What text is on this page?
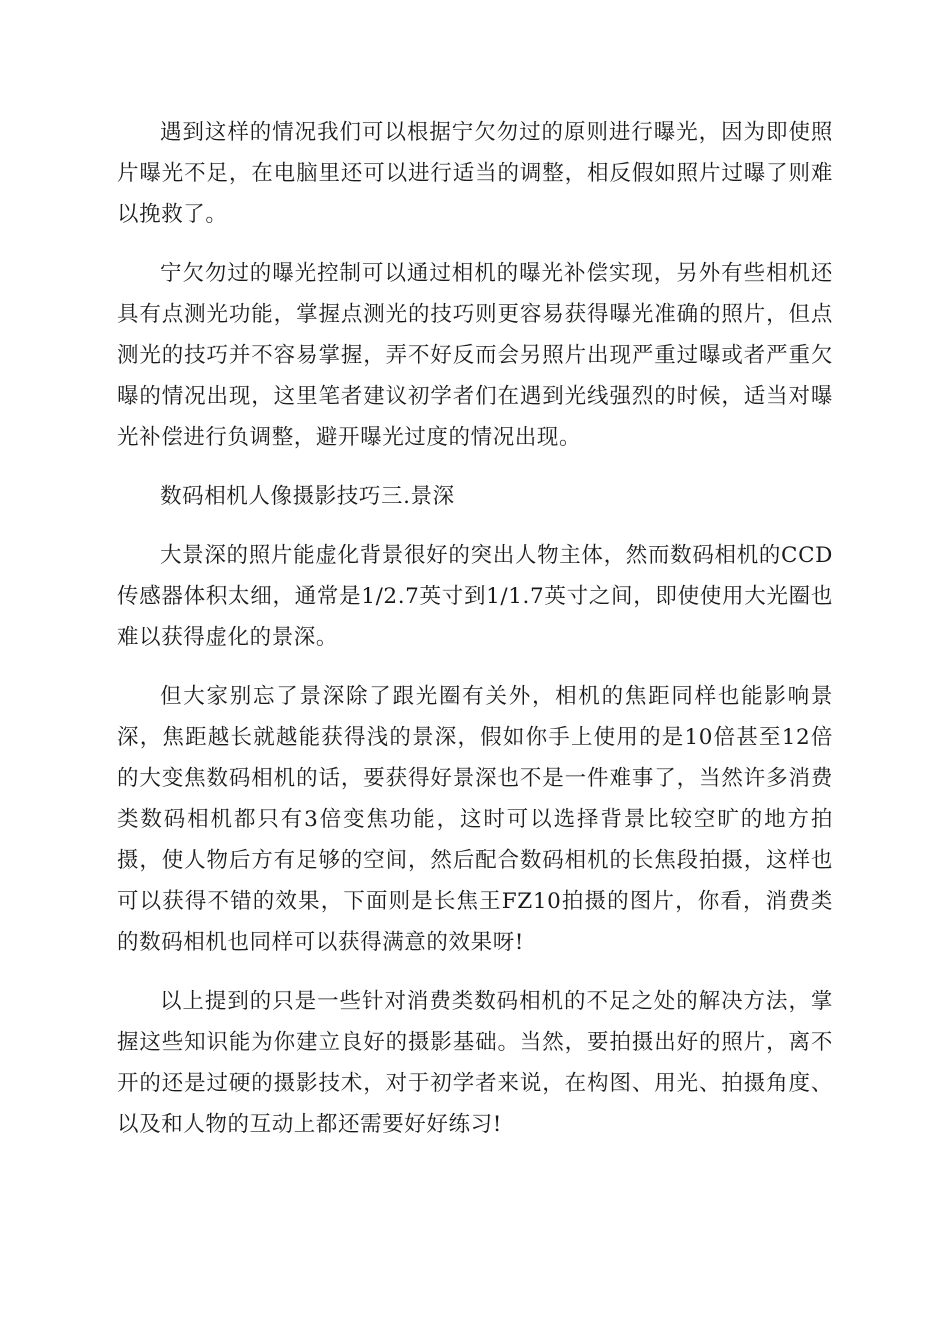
遇到这样的情况我们可以根据宁欠勿过的原则进行曝光，因为即使照片曝光不足，在电脑里还可以进行适当的调整，相反假如照片过曝了则难以挽救了。

宁欠勿过的曝光控制可以通过相机的曝光补偿实现，另外有些相机还具有点测光功能，掌握点测光的技巧则更容易获得曝光准确的照片，但点测光的技巧并不容易掌握，弄不好反而会另照片出现严重过曝或者严重欠曝的情况出现，这里笔者建议初学者们在遇到光线强烈的时候，适当对曝光补偿进行负调整，避开曝光过度的情况出现。

数码相机人像摄影技巧三.景深

大景深的照片能虚化背景很好的突出人物主体，然而数码相机的CCD传感器体积太细，通常是1/2.7英寸到1/1.7英寸之间，即使使用大光圈也难以获得虚化的景深。

但大家别忘了景深除了跟光圈有关外，相机的焦距同样也能影响景深，焦距越长就越能获得浅的景深，假如你手上使用的是10倍甚至12倍的大变焦数码相机的话，要获得好景深也不是一件难事了，当然许多消费类数码相机都只有3倍变焦功能，这时可以选择背景比较空旷的地方拍摄，使人物后方有足够的空间，然后配合数码相机的长焦段拍摄，这样也可以获得不错的效果，下面则是长焦王FZ10拍摄的图片，你看，消费类的数码相机也同样可以获得满意的效果呀!

以上提到的只是一些针对消费类数码相机的不足之处的解决方法，掌握这些知识能为你建立良好的摄影基础。当然，要拍摄出好的照片，离不开的还是过硬的摄影技术，对于初学者来说，在构图、用光、拍摄角度、以及和人物的互动上都还需要好好练习!
